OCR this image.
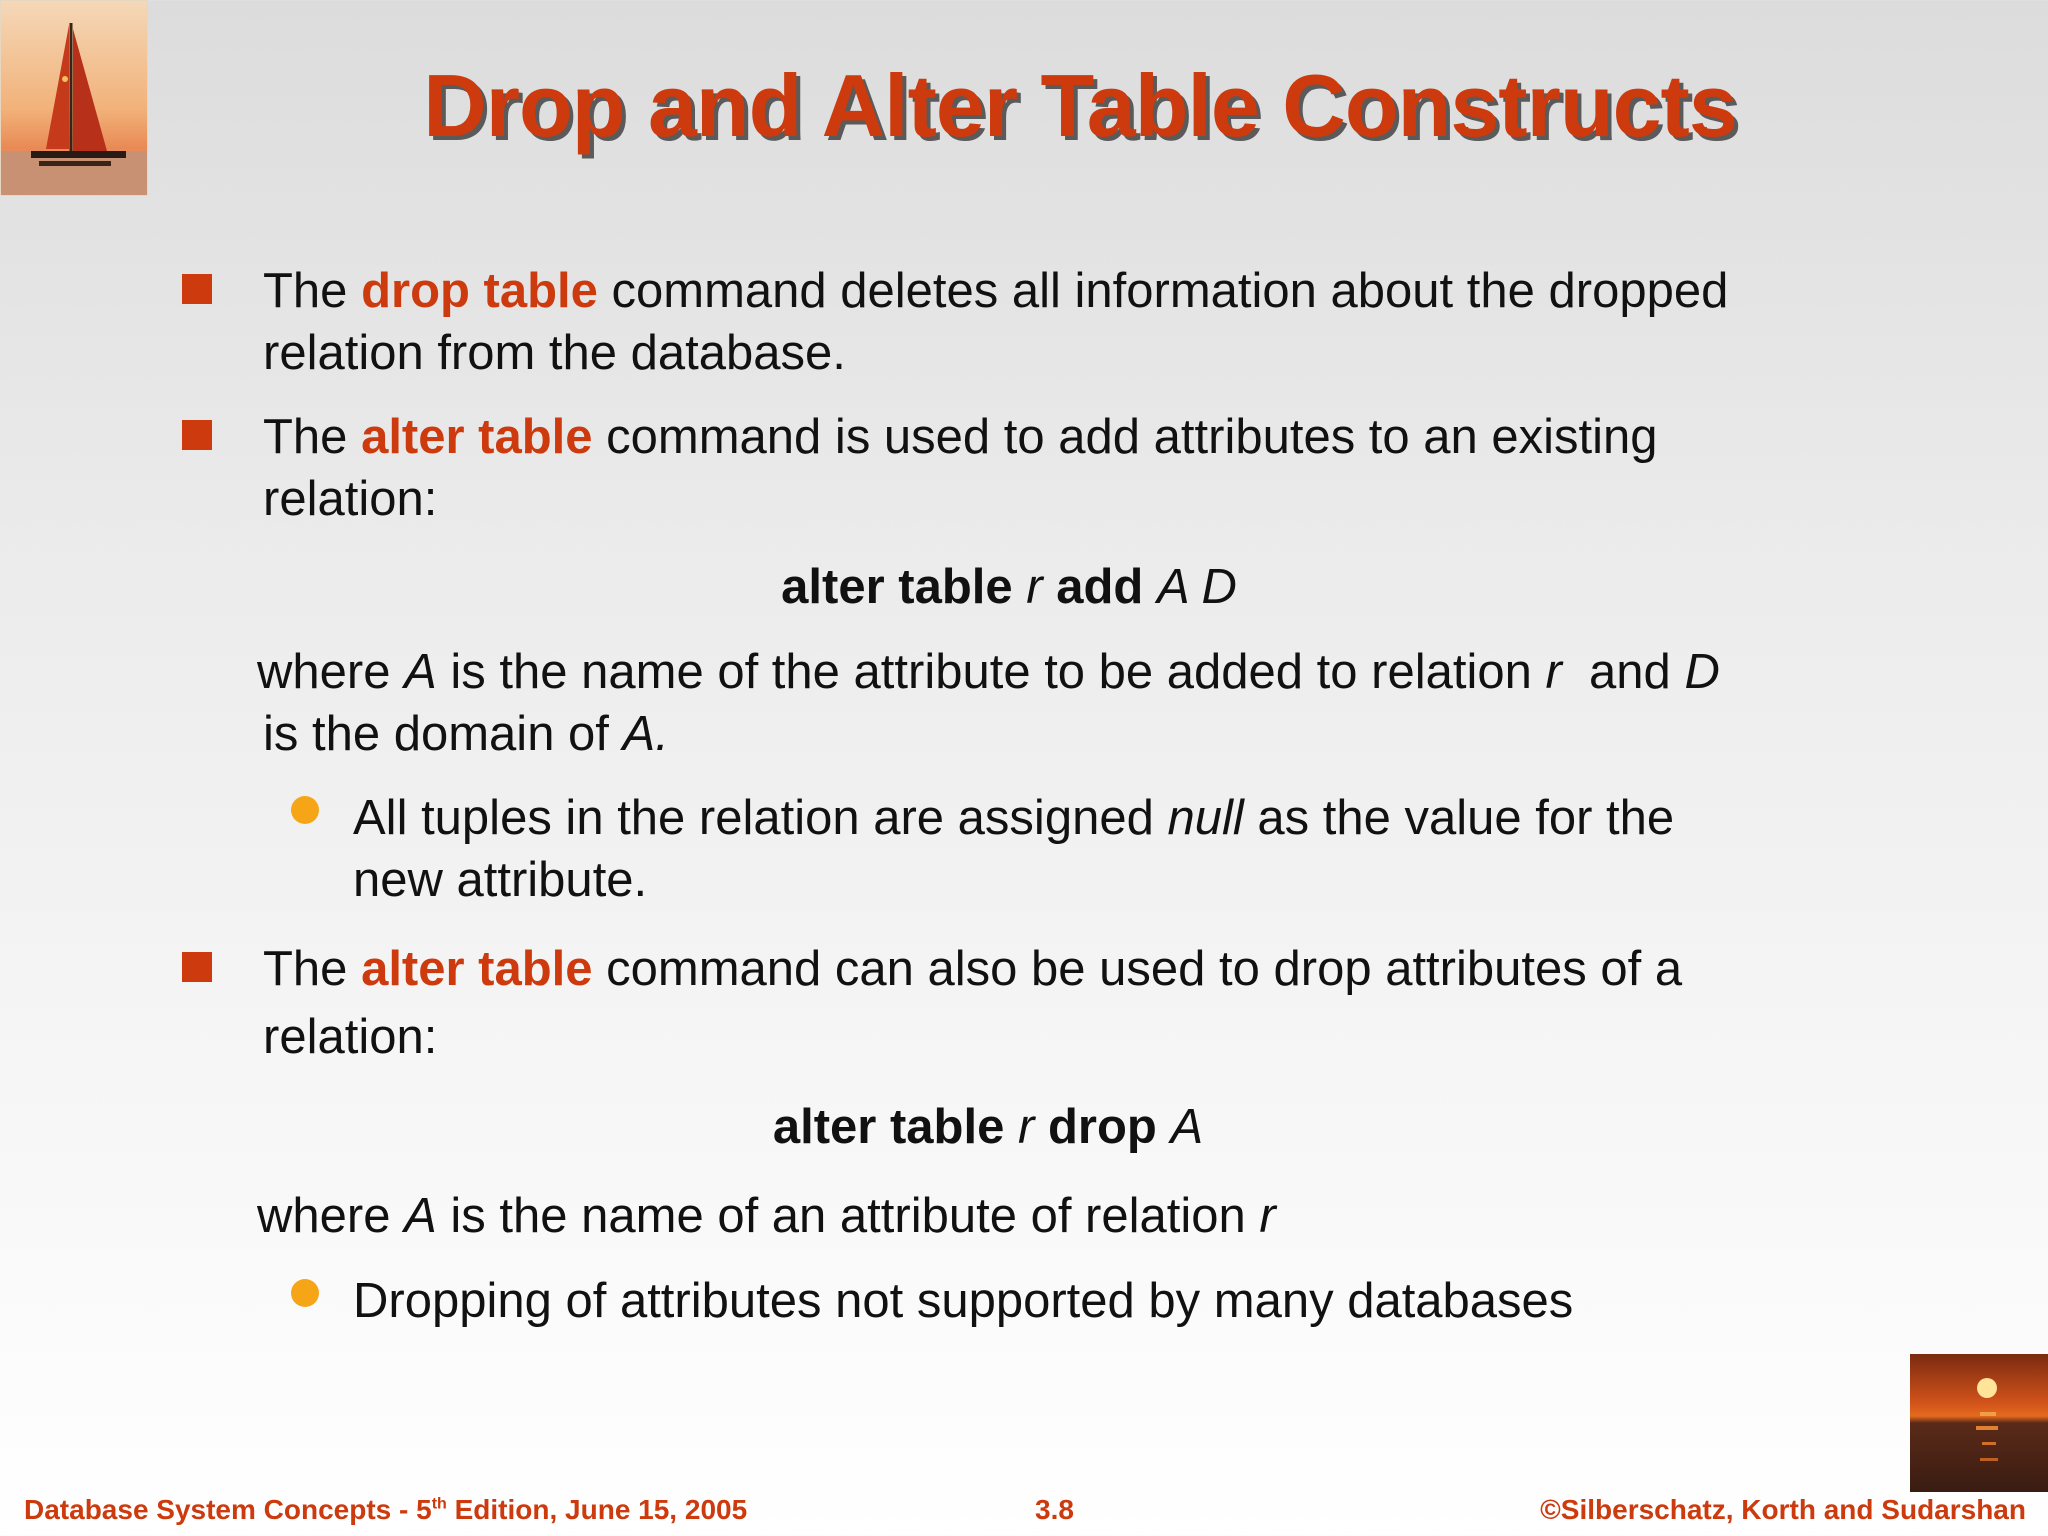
Drop and Alter Table Constructs
The drop table command deletes all information about the dropped
relation from the database.
The alter table command is used to add attributes to an existing
relation:
alter table r add A D
where A is the name of the attribute to be added to relation r and D
is the domain of A.
All tuples in the relation are assigned null as the value for the
new attribute.
The alter table command can also be used to drop attributes of a
relation:
alter table r drop A
where A is the name of an attribute of relation r
Dropping of attributes not supported by many databases
Database System Concepts - 5th Edition, June 15, 2005	3.8	©Silberschatz, Korth and Sudarshan
